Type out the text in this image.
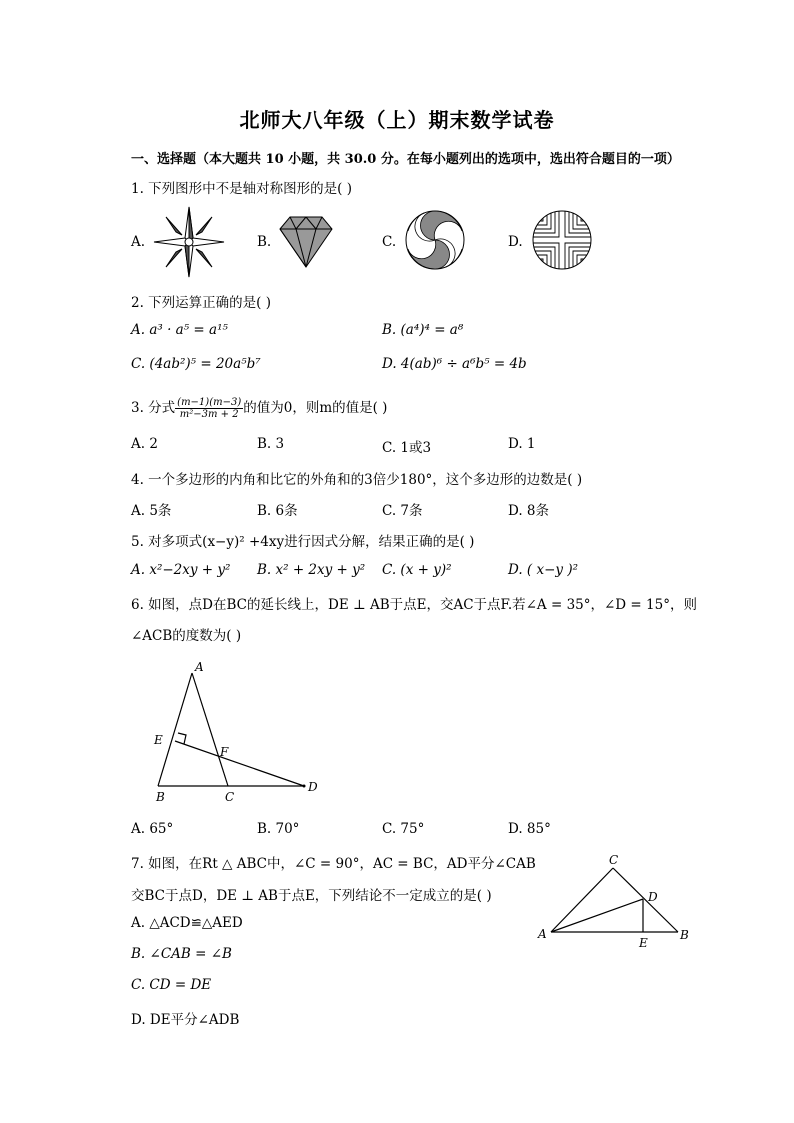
北师大八年级（上）期末数学试卷
一、选择题（本大题共 10 小题，共 30.0 分。在每小题列出的选项中，选出符合题目的一项）
1. 下列图形中不是轴对称图形的是( )
A.	B.	C.	D.
2. 下列运算正确的是( )
A. a³ · a⁵ = a¹⁵	B. (a⁴)⁴ = a⁸
C. (4ab²)⁵ = 20a⁵b⁷	D. 4(ab)⁶ ÷ a⁶b⁵ = 4b
3. 分式 $\frac{(m-1)(m-3)}{\text{m²−3m + 2}}$ 的值为0，则m的值是( )
A. 2	B. 3	C. 1或3	D. 1
4. 一个多边形的内角和比它的外角和的3倍少180°，这个多边形的边数是( )
A. 5条	B. 6条	C. 7条	D. 8条
5. 对多项式(x−y)² +4xy进行因式分解，结果正确的是( )
A. x²−2xy + y² B. x² + 2xy + y² C. (x + y)²	D. ( x−y )²
6. 如图，点D在BC的延长线上，DE ⊥ AB于点E，交AC于点F.若∠A = 35°，∠D = 15°，则
∠ACB的度数为( )
A
E
F
B	C
D
A. 65°	B. 70°	C. 75°	D. 85°
7. 如图，在Rt △ ABC中，∠C = 90°，AC = BC，AD平分∠CAB
交BC于点D，DE ⊥ AB于点E，下列结论不一定成立的是( )
C
D
A	B
E
A. △ACD≌△AED
B. ∠CAB = ∠B
C. CD = DE
D. DE平分∠ADB
